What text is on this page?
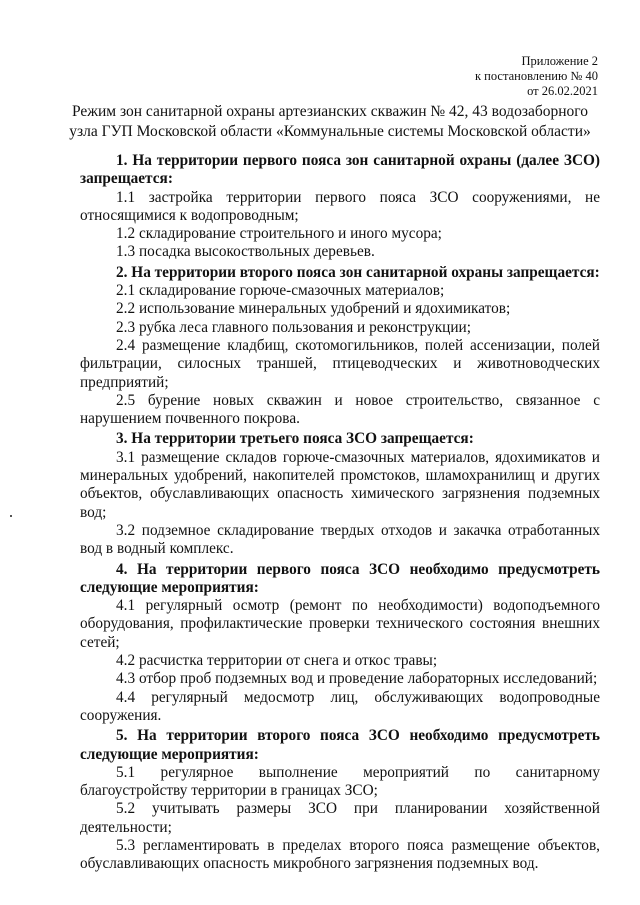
Приложение 2
к постановлению № 40
от 26.02.2021
Режим зон санитарной охраны артезианских скважин № 42, 43 водозаборного
узла ГУП Московской области «Коммунальные системы Московской области»

1. На территории первого пояса зон санитарной охраны (далее ЗСО) запрещается:

1.1 застройка территории первого пояса ЗСО сооружениями, не относящимися к водопроводным;

1.2 складирование строительного и иного мусора;

1.3 посадка высокоствольных деревьев.

2. На территории второго пояса зон санитарной охраны запрещается:

2.1 складирование горюче-смазочных материалов;

2.2 использование минеральных удобрений и ядохимикатов;

2.3 рубка леса главного пользования и реконструкции;

2.4 размещение кладбищ, скотомогильников, полей ассенизации, полей фильтрации, силосных траншей, птицеводческих и животноводческих предприятий;

2.5 бурение новых скважин и новое строительство, связанное с нарушением почвенного покрова.

3. На территории третьего пояса ЗСО запрещается:

3.1 размещение складов горюче-смазочных материалов, ядохимикатов и минеральных удобрений, накопителей промстоков, шламохранилищ и других объектов, обуславливающих опасность химического загрязнения подземных вод;

3.2 подземное складирование твердых отходов и закачка отработанных вод в водный комплекс.

4. На территории первого пояса ЗСО необходимо предусмотреть следующие мероприятия:

4.1 регулярный осмотр (ремонт по необходимости) водоподъемного оборудования, профилактические проверки технического состояния внешних сетей;

4.2 расчистка территории от снега и откос травы;

4.3 отбор проб подземных вод и проведение лабораторных исследований;

4.4 регулярный медосмотр лиц, обслуживающих водопроводные сооружения.

5. На территории второго пояса ЗСО необходимо предусмотреть следующие мероприятия:

5.1 регулярное выполнение мероприятий по санитарному благоустройству территории в границах ЗСО;

5.2 учитывать размеры ЗСО при планировании хозяйственной деятельности;

5.3 регламентировать в пределах второго пояса размещение объектов, обуславливающих опасность микробного загрязнения подземных вод.
